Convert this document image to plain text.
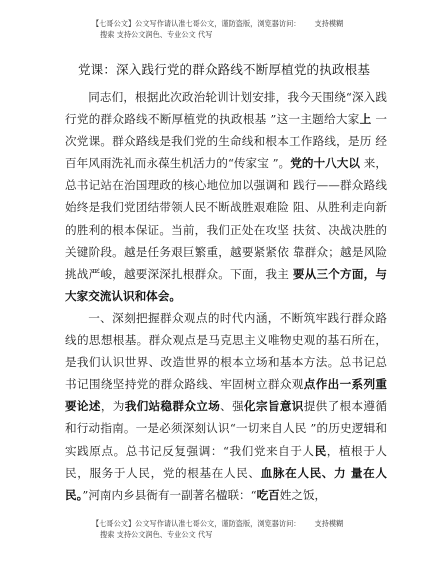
【七哥公文】公文写作请认准七哥公文，谨防盗版，浏览器访问： 支持模糊
搜索 支持公文润色、专业公文 代写
党课：深入践行党的群众路线不断厚植党的执政根基

同志们，根据此次政治轮训计划安排，我今天围绕“深入践行党的群众路线不断厚植党的执政根基 ”这一主题给大家上 一次党课。群众路线是我们党的生命线和根本工作路线，是历 经百年风雨洗礼而永葆生机活力的“传家宝 ”。党的十八大以 来，总书记站在治国理政的核心地位加以强调和 践行——群众路线始终是我们党团结带领人民不断战胜艰难险 阻、从胜利走向新的胜利的根本保证。当前，我们正处在攻坚 扶贫、决战决胜的关键阶段。越是任务艰巨繁重，越要紧紧依 靠群众；越是风险挑战严峻，越要深深扎根群众。下面，我主 要从三个方面，与大家交流认识和体会。

一、深刻把握群众观点的时代内涵，不断筑牢践行群众路线的思想根基。群众观点是马克思主义唯物史观的基石所在，是我们认识世界、改造世界的根本立场和基本方法。总书记总书记围绕坚持党的群众路线、牢固树立群众观点作出一系列重要论述，为我们站稳群众立场、强化宗旨意识提供了根本遵循和行动指南。一是必须深刻认识“一切来自人民 ”的历史逻辑和实践原点。总书记反复强调：“我们党来自于人民，植根于人民，服务于人民，党的根基在人民、血脉在人民、力 量在人民。”河南内乡县衙有一副著名楹联：“吃百姓之饭，

【七哥公文】公文写作请认准七哥公文，谨防盗版，浏览器访问： 支持模糊
搜索 支持公文润色、专业公文 代写
